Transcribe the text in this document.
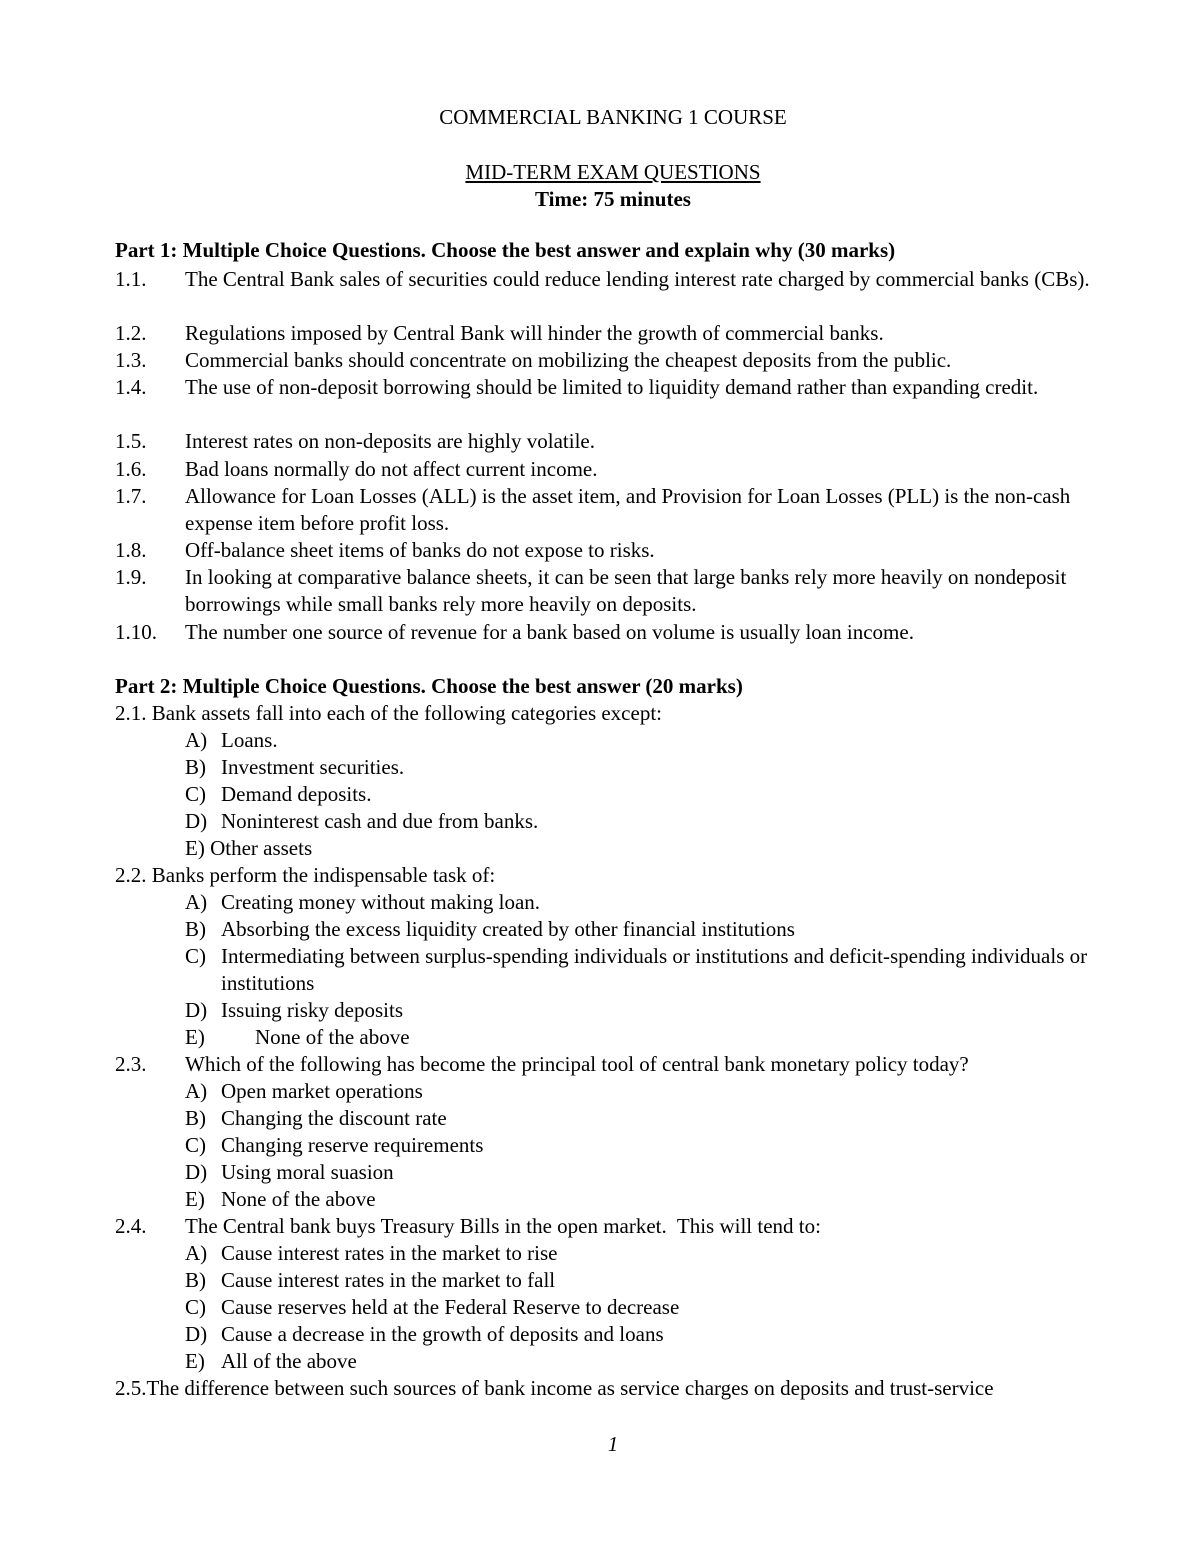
COMMERCIAL BANKING 1 COURSE
MID-TERM EXAM QUESTIONS
Time: 75 minutes
Part 1: Multiple Choice Questions. Choose the best answer and explain why (30 marks)
1.1. The Central Bank sales of securities could reduce lending interest rate charged by commercial banks (CBs).
1.2. Regulations imposed by Central Bank will hinder the growth of commercial banks.
1.3. Commercial banks should concentrate on mobilizing the cheapest deposits from the public.
1.4. The use of non-deposit borrowing should be limited to liquidity demand rather than expanding credit.
1.5. Interest rates on non-deposits are highly volatile.
1.6. Bad loans normally do not affect current income.
1.7. Allowance for Loan Losses (ALL) is the asset item, and Provision for Loan Losses (PLL) is the non-cash expense item before profit loss.
1.8. Off-balance sheet items of banks do not expose to risks.
1.9. In looking at comparative balance sheets, it can be seen that large banks rely more heavily on nondeposit borrowings while small banks rely more heavily on deposits.
1.10. The number one source of revenue for a bank based on volume is usually loan income.
Part 2: Multiple Choice Questions. Choose the best answer (20 marks)
2.1. Bank assets fall into each of the following categories except:
A) Loans.
B) Investment securities.
C) Demand deposits.
D) Noninterest cash and due from banks.
E) Other assets
2.2. Banks perform the indispensable task of:
A) Creating money without making loan.
B) Absorbing the excess liquidity created by other financial institutions
C) Intermediating between surplus-spending individuals or institutions and deficit-spending individuals or institutions
D) Issuing risky deposits
E) None of the above
2.3. Which of the following has become the principal tool of central bank monetary policy today?
A) Open market operations
B) Changing the discount rate
C) Changing reserve requirements
D) Using moral suasion
E) None of the above
2.4. The Central bank buys Treasury Bills in the open market.  This will tend to:
A) Cause interest rates in the market to rise
B) Cause interest rates in the market to fall
C) Cause reserves held at the Federal Reserve to decrease
D) Cause a decrease in the growth of deposits and loans
E) All of the above
2.5.The difference between such sources of bank income as service charges on deposits and trust-service
1
